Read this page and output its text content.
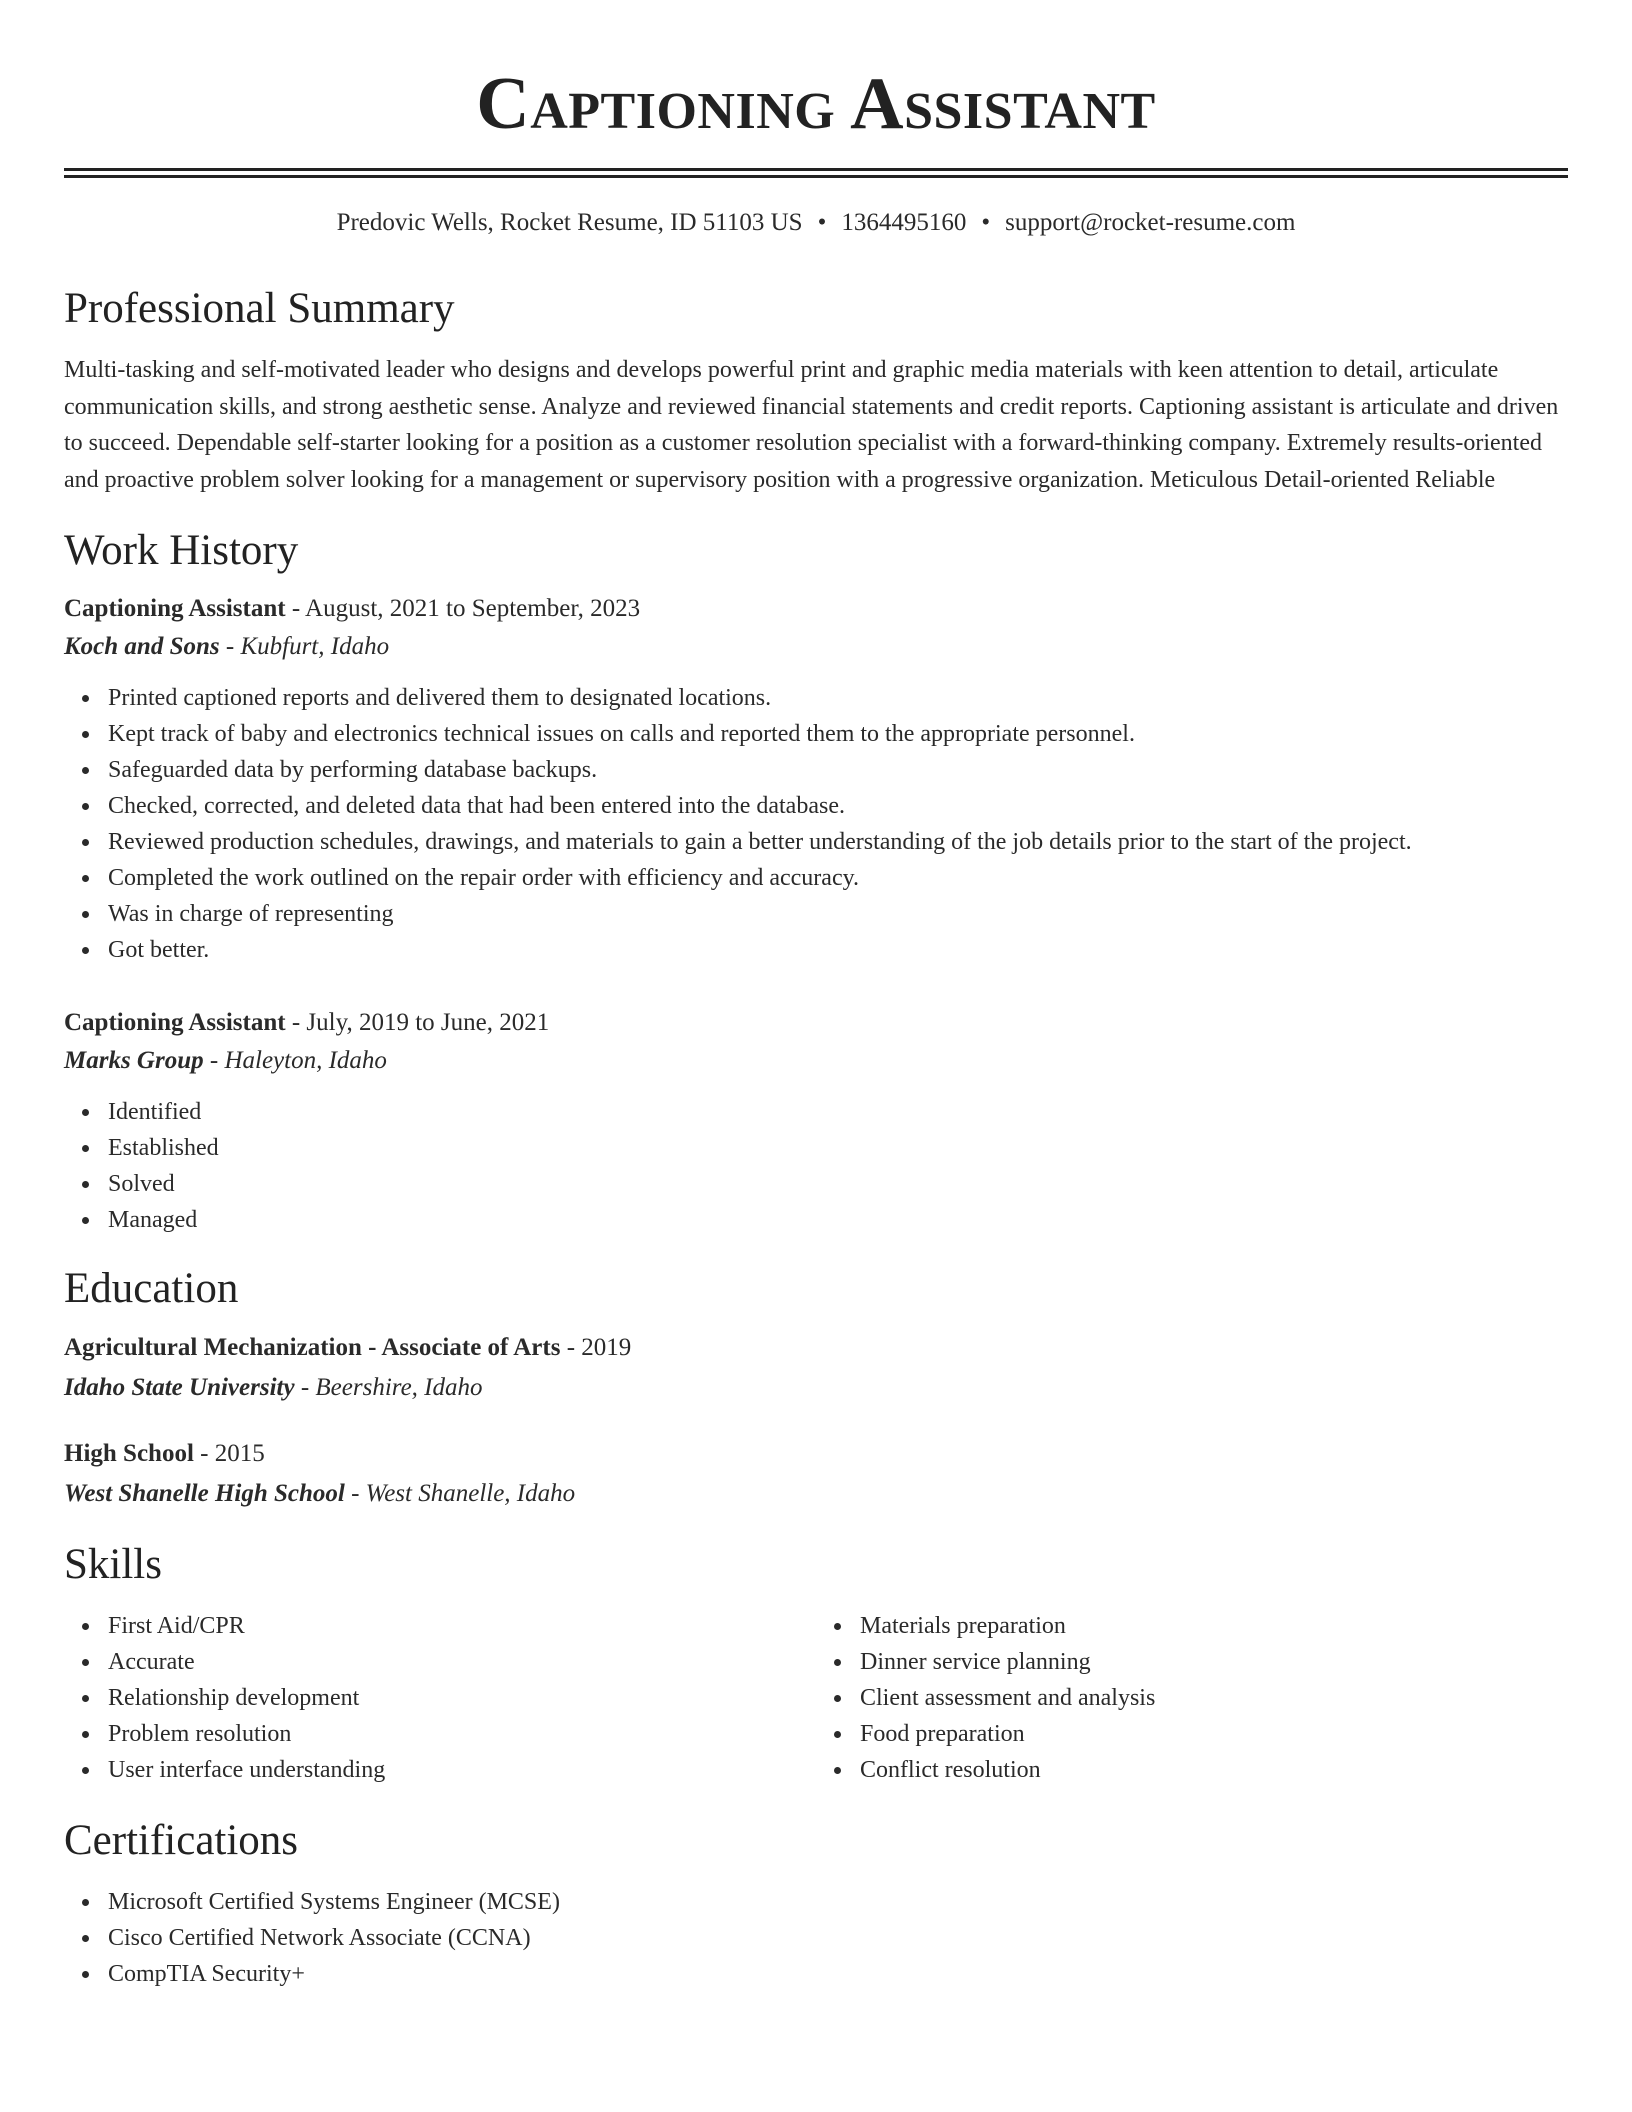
Captioning Assistant
Predovic Wells, Rocket Resume, ID 51103 US • 1364495160 • support@rocket-resume.com
Professional Summary
Multi-tasking and self-motivated leader who designs and develops powerful print and graphic media materials with keen attention to detail, articulate communication skills, and strong aesthetic sense. Analyze and reviewed financial statements and credit reports. Captioning assistant is articulate and driven to succeed. Dependable self-starter looking for a position as a customer resolution specialist with a forward-thinking company. Extremely results-oriented and proactive problem solver looking for a management or supervisory position with a progressive organization. Meticulous Detail-oriented Reliable
Work History
Captioning Assistant - August, 2021 to September, 2023
Koch and Sons - Kubfurt, Idaho
Printed captioned reports and delivered them to designated locations.
Kept track of baby and electronics technical issues on calls and reported them to the appropriate personnel.
Safeguarded data by performing database backups.
Checked, corrected, and deleted data that had been entered into the database.
Reviewed production schedules, drawings, and materials to gain a better understanding of the job details prior to the start of the project.
Completed the work outlined on the repair order with efficiency and accuracy.
Was in charge of representing
Got better.
Captioning Assistant - July, 2019 to June, 2021
Marks Group - Haleyton, Idaho
Identified
Established
Solved
Managed
Education
Agricultural Mechanization - Associate of Arts - 2019
Idaho State University - Beershire, Idaho
High School - 2015
West Shanelle High School - West Shanelle, Idaho
Skills
First Aid/CPR
Accurate
Relationship development
Problem resolution
User interface understanding
Materials preparation
Dinner service planning
Client assessment and analysis
Food preparation
Conflict resolution
Certifications
Microsoft Certified Systems Engineer (MCSE)
Cisco Certified Network Associate (CCNA)
CompTIA Security+
